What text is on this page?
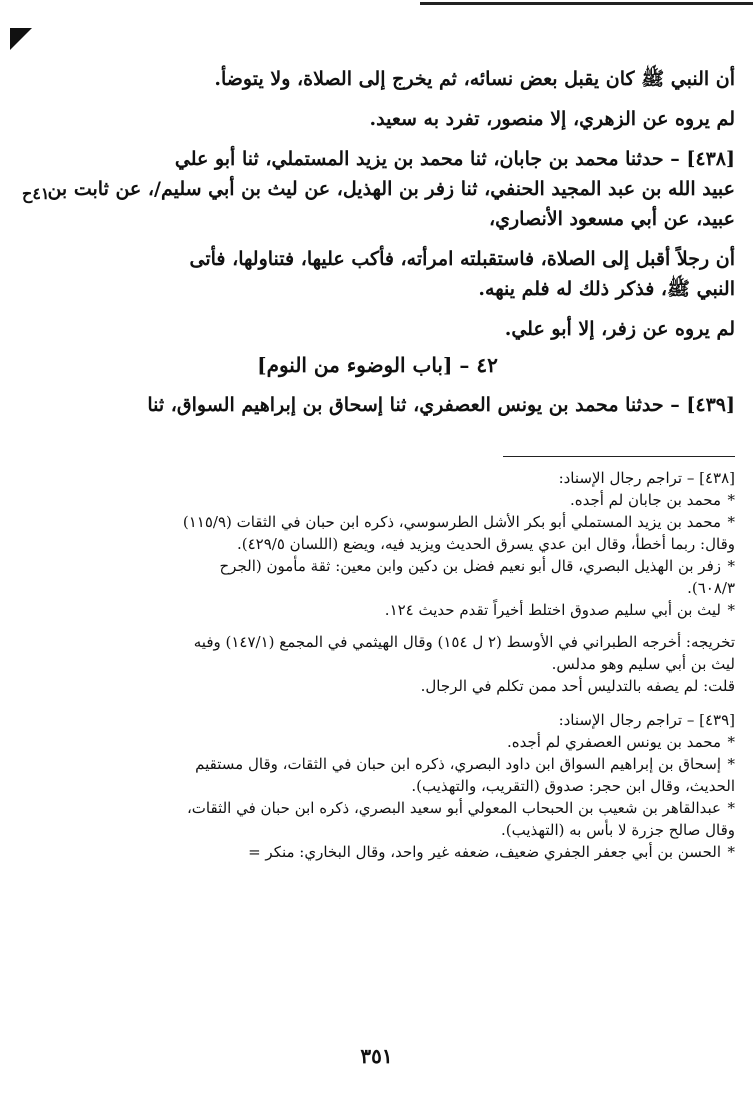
٤١ح

أن النبي ﷺ كان يقبل بعض نسائه، ثم يخرج إلى الصلاة، ولا يتوضأ.

لم يروه عن الزهري، إلا منصور، تفرد به سعيد.

[٤٣٨] – حدثنا محمد بن جابان، ثنا محمد بن يزيد المستملي، ثنا أبو علي

عبيد الله بن عبد المجيد الحنفي، ثنا زفر بن الهذيل، عن ليث بن أبي سليم/، عن ثابت بن

عبيد، عن أبي مسعود الأنصاري،

أن رجلاً أقبل إلى الصلاة، فاستقبلته امرأته، فأكب عليها، فتناولها، فأتى

النبي ﷺ، فذكر ذلك له فلم ينهه.

لم يروه عن زفر، إلا أبو علي.

٤٢ – [باب الوضوء من النوم]

[٤٣٩] – حدثنا محمد بن يونس العصفري، ثنا إسحاق بن إبراهيم السواق، ثنا

[٤٣٨] – تراجم رجال الإسناد:

*محمد بن جابان لم أجده.

*محمد بن يزيد المستملي أبو بكر الأشل الطرسوسي، ذكره ابن حبان في الثقات (١١٥/٩)

وقال: ربما أخطأ، وقال ابن عدي يسرق الحديث ويزيد فيه، ويضع (اللسان ٤٢٩/٥).

*زفر بن الهذيل البصري، قال أبو نعيم فضل بن دكين وابن معين: ثقة مأمون (الجرح

٦٠٨/٣).

*ليث بن أبي سليم صدوق اختلط أخيراً تقدم حديث ١٢٤.

تخريجه: أخرجه الطبراني في الأوسط (٢ ل ١٥٤) وقال الهيثمي في المجمع (١٤٧/١) وفيه

ليث بن أبي سليم وهو مدلس.

قلت: لم يصفه بالتدليس أحد ممن تكلم في الرجال.

[٤٣٩] – تراجم رجال الإسناد:

*محمد بن يونس العصفري لم أجده.

*إسحاق بن إبراهيم السواق ابن داود البصري، ذكره ابن حبان في الثقات، وقال مستقيم

الحديث، وقال ابن حجر: صدوق (التقريب، والتهذيب).

*عبدالقاهر بن شعيب بن الحبحاب المعولي أبو سعيد البصري، ذكره ابن حبان في الثقات،

وقال صالح جزرة لا بأس به (التهذيب).

*الحسن بن أبي جعفر الجفري ضعيف، ضعفه غير واحد، وقال البخاري: منكر =

٣٥١
